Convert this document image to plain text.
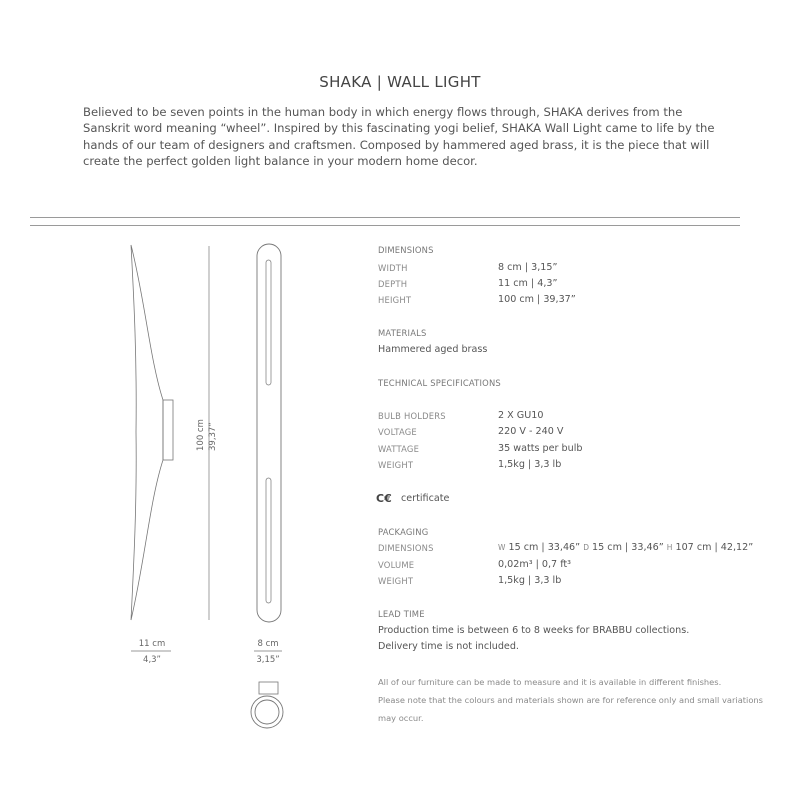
SHAKA | WALL LIGHT
Believed to be seven points in the human body in which energy flows through, SHAKA derives from the Sanskrit word meaning “wheel”. Inspired by this fascinating yogi belief, SHAKA Wall Light came to life by the hands of our team of designers and craftsmen. Composed by hammered aged brass, it is the piece that will create the perfect golden light balance in your modern home decor.
100 cm 39,37”
11 cm
4,3”
8 cm
3,15”
DIMENSIONS
WIDTH	8 cm | 3,15”
DEPTH	11 cm | 4,3”
HEIGHT	100 cm | 39,37”
MATERIALS
Hammered aged brass
TECHNICAL SPECIFICATIONS
BULB HOLDERS	2 X GU10
VOLTAGE	220 V - 240 V
WATTAGE	35 watts per bulb
WEIGHT	1,5kg | 3,3 lb
C€ certificate
PACKAGING
DIMENSIONS	W 15 cm | 33,46” D 15 cm | 33,46” H 107 cm | 42,12”
VOLUME	0,02m³ | 0,7 ft³
WEIGHT	1,5kg | 3,3 lb
LEAD TIME
Production time is between 6 to 8 weeks for BRABBU collections.
Delivery time is not included.
All of our furniture can be made to measure and it is available in different finishes.
Please note that the colours and materials shown are for reference only and small variations may occur.
